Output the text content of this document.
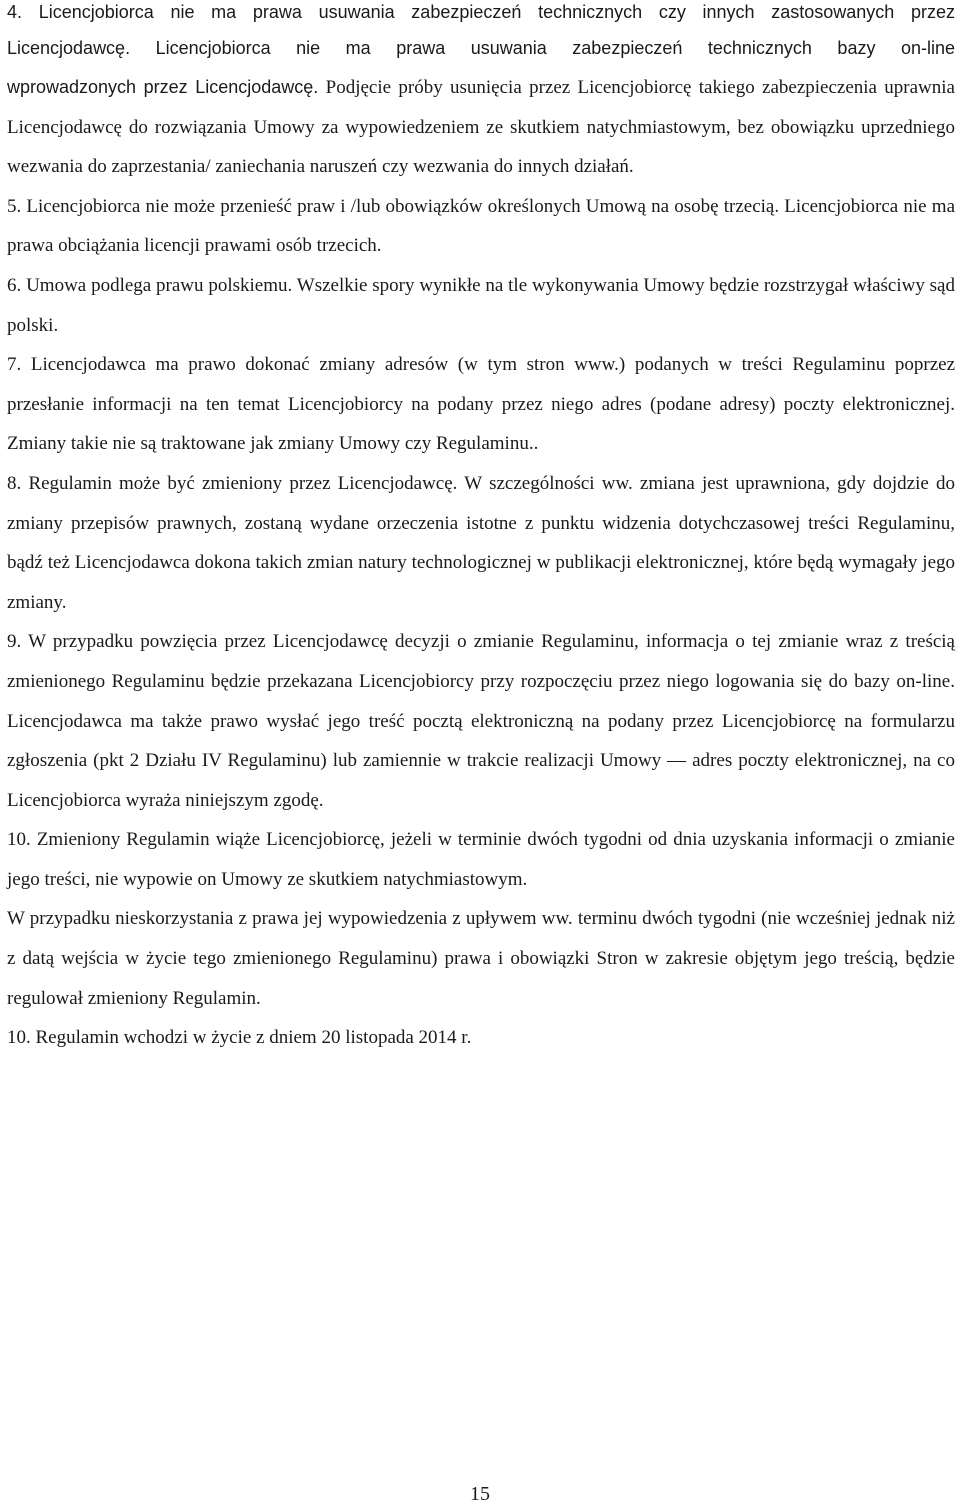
4. Licencjobiorca nie ma prawa usuwania zabezpieczeń technicznych czy innych zastosowanych przez
Licencjodawcę. Licencjobiorca nie ma prawa usuwania zabezpieczeń technicznych bazy on-line
wprowadzonych przez Licencjodawcę. Podjęcie próby usunięcia przez Licencjobiorcę takiego zabezpieczenia uprawnia Licencjodawcę do rozwiązania Umowy za wypowiedzeniem ze skutkiem natychmiastowym, bez obowiązku uprzedniego wezwania do zaprzestania/ zaniechania naruszeń czy wezwania do innych działań.

5. Licencjobiorca nie może przenieść praw i /lub obowiązków określonych Umową na osobę trzecią. Licencjobiorca nie ma prawa obciążania licencji prawami osób trzecich.

6. Umowa podlega prawu polskiemu. Wszelkie spory wynikłe na tle wykonywania Umowy będzie rozstrzygał właściwy sąd polski.

7. Licencjodawca ma prawo dokonać zmiany adresów (w tym stron www.) podanych w treści Regulaminu poprzez przesłanie informacji na ten temat Licencjobiorcy na podany przez niego adres (podane adresy) poczty elektronicznej. Zmiany takie nie są traktowane jak zmiany Umowy czy Regulaminu..

8. Regulamin może być zmieniony przez Licencjodawcę. W szczególności ww. zmiana jest uprawniona, gdy dojdzie do zmiany przepisów prawnych, zostaną wydane orzeczenia istotne z punktu widzenia dotychczasowej treści Regulaminu, bądź też Licencjodawca dokona takich zmian natury technologicznej w publikacji elektronicznej, które będą wymagały jego zmiany.

9. W przypadku powzięcia przez Licencjodawcę decyzji o zmianie Regulaminu, informacja o tej zmianie wraz z treścią zmienionego Regulaminu będzie przekazana Licencjobiorcy przy rozpoczęciu przez niego logowania się do bazy on-line. Licencjodawca ma także prawo wysłać jego treść pocztą elektroniczną na podany przez Licencjobiorcę na formularzu zgłoszenia (pkt 2 Działu IV Regulaminu) lub zamiennie w trakcie realizacji Umowy ― adres poczty elektronicznej, na co Licencjobiorca wyraża niniejszym zgodę.

10. Zmieniony Regulamin wiąże Licencjobiorcę, jeżeli w terminie dwóch tygodni od dnia uzyskania informacji o zmianie jego treści, nie wypowie on Umowy ze skutkiem natychmiastowym.

W przypadku nieskorzystania z prawa jej wypowiedzenia z upływem ww. terminu dwóch tygodni (nie wcześniej jednak niż z datą wejścia w życie tego zmienionego Regulaminu) prawa i obowiązki Stron w zakresie objętym jego treścią, będzie regulował zmieniony Regulamin.

10. Regulamin wchodzi w życie z dniem 20 listopada 2014 r.

15
